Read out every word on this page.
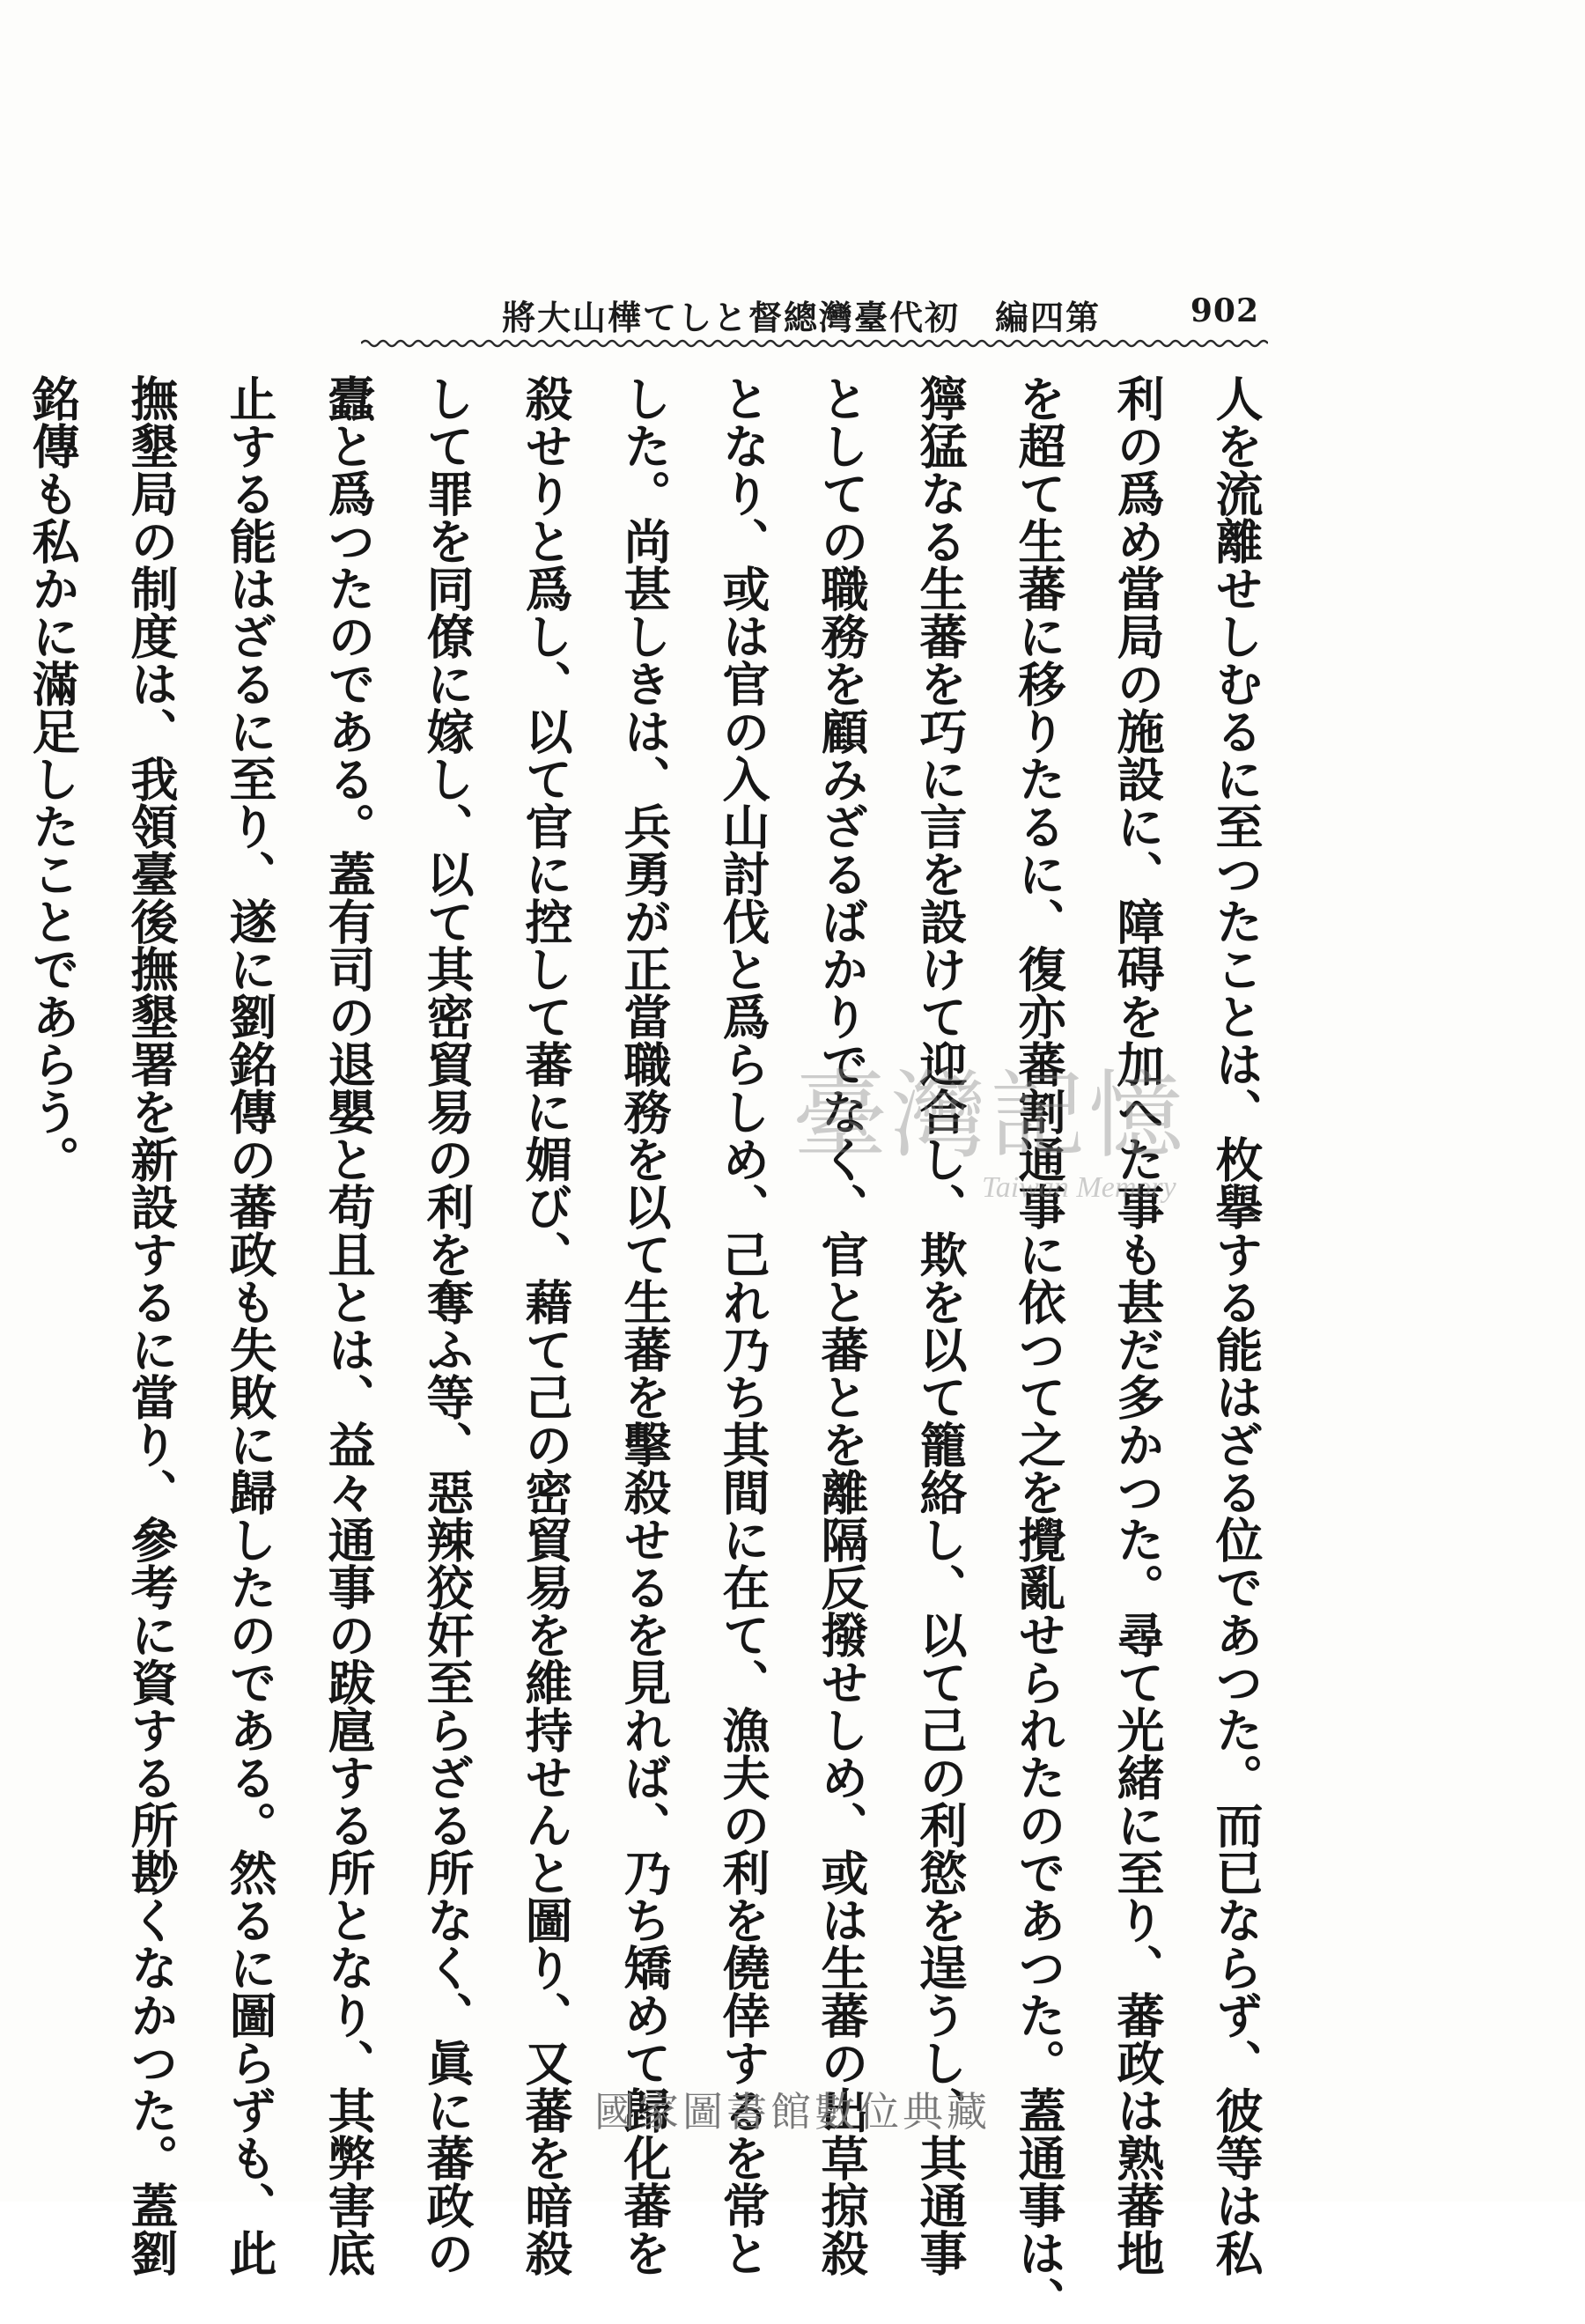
將大山樺てしと督總灣臺代初　編四第	902
人を流離せしむるに至つたことは、枚擧する能はざる位であつた。而已ならず、彼等は私
利の爲め當局の施設に、障碍を加へた事も甚だ多かつた。尋て光緒に至り、蕃政は熟蕃地
を超て生蕃に移りたるに、復亦蕃割通事に依つて之を攪亂せられたのであつた。蓋通事は、
獰猛なる生蕃を巧に言を設けて迎合し、欺を以て籠絡し、以て己の利慾を逞うし、其通事
としての職務を顧みざるばかりでなく、官と蕃とを離隔反撥せしめ、或は生蕃の出草掠殺
となり、或は官の入山討伐と爲らしめ、己れ乃ち其間に在て、漁夫の利を僥倖するを常と
した。尚甚しきは、兵勇が正當職務を以て生蕃を擊殺せるを見れば、乃ち矯めて歸化蕃を
殺せりと爲し、以て官に控して蕃に媚び、藉て己の密貿易を維持せんと圖り、又蕃を暗殺
して罪を同僚に嫁し、以て其密貿易の利を奪ふ等、惡辣狡奸至らざる所なく、眞に蕃政の
蠹と爲つたのである。蓋有司の退嬰と苟且とは、益々通事の跋扈する所となり、其弊害底
止する能はざるに至り、遂に劉銘傳の蕃政も失敗に歸したのである。然るに圖らずも、此
撫墾局の制度は、我領臺後撫墾署を新設するに當り、參考に資する所尠くなかつた。蓋劉
銘傳も私かに滿足したことであらう。	臺灣記憶
Taiwan Memory
國家圖書館數位典藏
